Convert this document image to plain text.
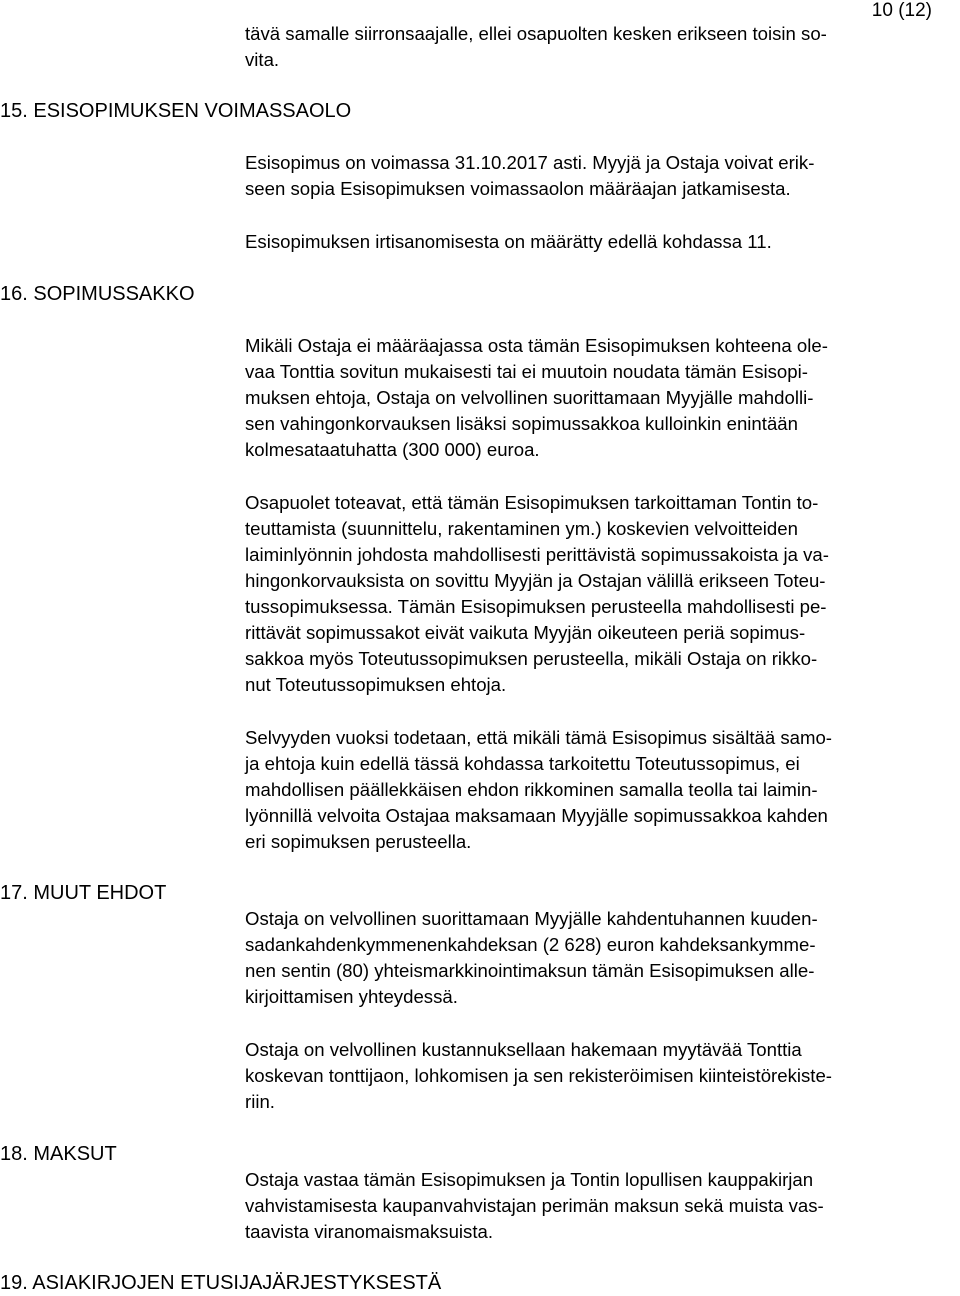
10 (12)
tävä samalle siirronsaajalle, ellei osapuolten kesken erikseen toisin so-
vita.
15. ESISOPIMUKSEN VOIMASSAOLO
Esisopimus on voimassa 31.10.2017 asti. Myyjä ja Ostaja voivat erik-
seen sopia Esisopimuksen voimassaolon määräajan jatkamisesta.
Esisopimuksen irtisanomisesta on määrätty edellä kohdassa 11.
16. SOPIMUSSAKKO
Mikäli Ostaja ei määräajassa osta tämän Esisopimuksen kohteena ole-
vaa Tonttia sovitun mukaisesti tai ei muutoin noudata tämän Esisopi-
muksen ehtoja, Ostaja on velvollinen suorittamaan Myyjälle mahdolli-
sen vahingonkorvauksen lisäksi sopimussakkoa kulloinkin enintään
kolmesataatuhatta (300 000) euroa.
Osapuolet toteavat, että tämän Esisopimuksen tarkoittaman Tontin to-
teuttamista (suunnittelu, rakentaminen ym.) koskevien velvoitteiden
laiminlyönnin johdosta mahdollisesti perittävistä sopimussakoista ja va-
hingonkorvauksista on sovittu Myyjän ja Ostajan välillä erikseen Toteu-
tussopimuksessa. Tämän Esisopimuksen perusteella mahdollisesti pe-
rittävät sopimussakot eivät vaikuta Myyjän oikeuteen periä sopimus-
sakkoa myös Toteutussopimuksen perusteella, mikäli Ostaja on rikko-
nut Toteutussopimuksen ehtoja.
Selvyyden vuoksi todetaan, että mikäli tämä Esisopimus sisältää samo-
ja ehtoja kuin edellä tässä kohdassa tarkoitettu Toteutussopimus, ei
mahdollisen päällekkäisen ehdon rikkominen samalla teolla tai laimin-
lyönnillä velvoita Ostajaa maksamaan Myyjälle sopimussakkoa kahden
eri sopimuksen perusteella.
17. MUUT EHDOT
Ostaja on velvollinen suorittamaan Myyjälle kahdentuhannen kuuden-
sadankahdenkymmenenkahdeksan (2 628) euron kahdeksankymme-
nen sentin (80) yhteismarkkinointimaksun tämän Esisopimuksen alle-
kirjoittamisen yhteydessä.
Ostaja on velvollinen kustannuksellaan hakemaan myytävää Tonttia
koskevan tonttijaon, lohkomisen ja sen rekisteröimisen kiinteistörekiste-
riin.
18. MAKSUT
Ostaja vastaa tämän Esisopimuksen ja Tontin lopullisen kauppakirjan
vahvistamisesta kaupanvahvistajan perimän maksun sekä muista vas-
taavista viranomaismaksuista.
19. ASIAKIRJOJEN ETUSIJAJÄRJESTYKSESTÄ
